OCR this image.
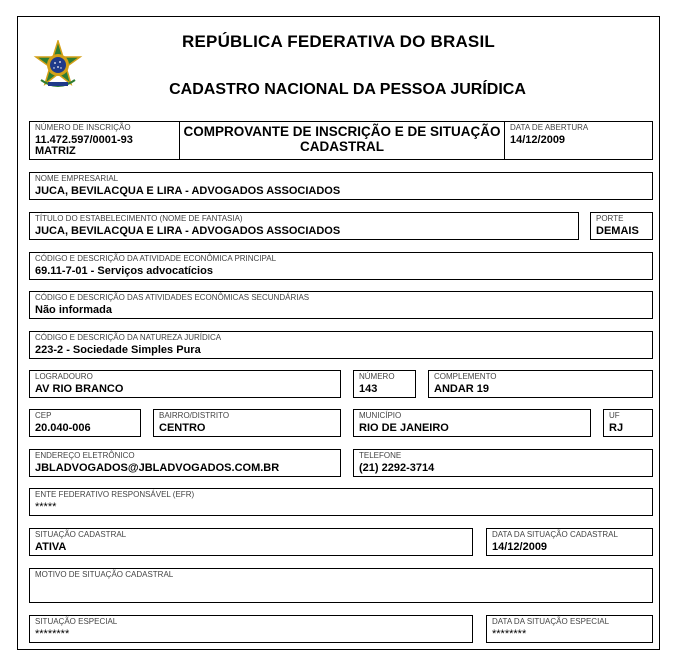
REPÚBLICA FEDERATIVA DO BRASIL
CADASTRO NACIONAL DA PESSOA JURÍDICA
NÚMERO DE INSCRIÇÃO
11.472.597/0001-93
MATRIZ
COMPROVANTE DE INSCRIÇÃO E DE SITUAÇÃO
CADASTRAL
DATA DE ABERTURA
14/12/2009
NOME EMPRESARIAL
JUCA, BEVILACQUA E LIRA - ADVOGADOS ASSOCIADOS
TÍTULO DO ESTABELECIMENTO (NOME DE FANTASIA)
JUCA, BEVILACQUA E LIRA - ADVOGADOS ASSOCIADOS
PORTE
DEMAIS
CÓDIGO E DESCRIÇÃO DA ATIVIDADE ECONÔMICA PRINCIPAL
69.11-7-01 - Serviços advocatícios
CÓDIGO E DESCRIÇÃO DAS ATIVIDADES ECONÔMICAS SECUNDÁRIAS
Não informada
CÓDIGO E DESCRIÇÃO DA NATUREZA JURÍDICA
223-2 - Sociedade Simples Pura
LOGRADOURO
AV RIO BRANCO
NÚMERO
143
COMPLEMENTO
ANDAR 19
CEP
20.040-006
BAIRRO/DISTRITO
CENTRO
MUNICÍPIO
RIO DE JANEIRO
UF
RJ
ENDEREÇO ELETRÔNICO
JBLADVOGADOS@JBLADVOGADOS.COM.BR
TELEFONE
(21) 2292-3714
ENTE FEDERATIVO RESPONSÁVEL (EFR)
*****
SITUAÇÃO CADASTRAL
ATIVA
DATA DA SITUAÇÃO CADASTRAL
14/12/2009
MOTIVO DE SITUAÇÃO CADASTRAL
SITUAÇÃO ESPECIAL
********
DATA DA SITUAÇÃO ESPECIAL
********
